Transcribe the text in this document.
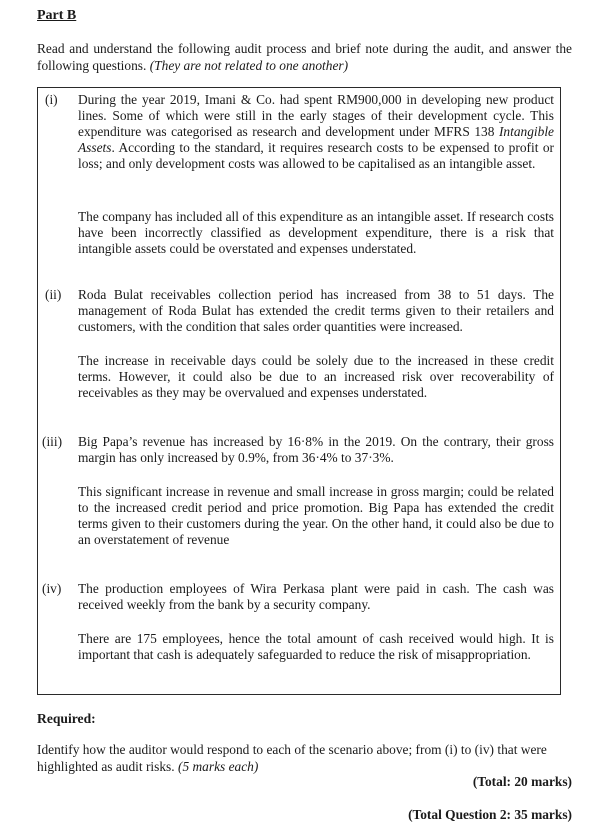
Part B
Read and understand the following audit process and brief note during the audit, and answer the following questions. (They are not related to one another)
(i) During the year 2019, Imani & Co. had spent RM900,000 in developing new product lines. Some of which were still in the early stages of their development cycle. This expenditure was categorised as research and development under MFRS 138 Intangible Assets. According to the standard, it requires research costs to be expensed to profit or loss; and only development costs was allowed to be capitalised as an intangible asset.

The company has included all of this expenditure as an intangible asset. If research costs have been incorrectly classified as development expenditure, there is a risk that intangible assets could be overstated and expenses understated.

(ii) Roda Bulat receivables collection period has increased from 38 to 51 days. The management of Roda Bulat has extended the credit terms given to their retailers and customers, with the condition that sales order quantities were increased.

The increase in receivable days could be solely due to the increased in these credit terms. However, it could also be due to an increased risk over recoverability of receivables as they may be overvalued and expenses understated.

(iii) Big Papa’s revenue has increased by 16·8% in the 2019. On the contrary, their gross margin has only increased by 0.9%, from 36·4% to 37·3%.

This significant increase in revenue and small increase in gross margin; could be related to the increased credit period and price promotion. Big Papa has extended the credit terms given to their customers during the year. On the other hand, it could also be due to an overstatement of revenue

(iv) The production employees of Wira Perkasa plant were paid in cash. The cash was received weekly from the bank by a security company.

There are 175 employees, hence the total amount of cash received would high. It is important that cash is adequately safeguarded to reduce the risk of misappropriation.

Required:
Identify how the auditor would respond to each of the scenario above; from (i) to (iv) that were highlighted as audit risks. (5 marks each)
(Total: 20 marks)
(Total Question 2: 35 marks)
